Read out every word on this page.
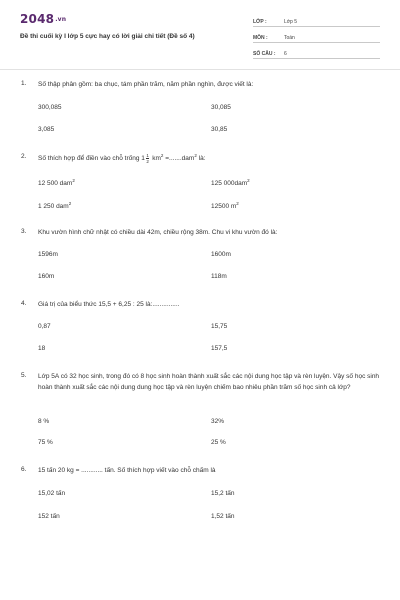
2048.vn
Đề thi cuối kỳ I lớp 5 cực hay có lời giải chi tiết (Đề số 4)
LỚP :	Lớp 5
MÔN :	Toán
SỐ CÂU : 6
1. Số thập phân gồm: ba chục, tám phần trăm, năm phần nghìn, được viết là:
300,085	30,085
3,085	30,85
2. Số thích hợp để điền vào chỗ trống $1 \frac{1}{2} km^2 =.......dam^2$ là:
12 500 dam$^2$	125 000dam$^2$
1 250 dam$^2$	12500 $m^2$
3. Khu vườn hình chữ nhật có chiều dài 42m, chiều rộng 38m. Chu vi khu vườn đó là:
1596m	1600m
160m	118m
4. Giá trị của biểu thức 15,5 + 6,25 : 25 là:...............
0,87	15,75
18	157,5
5. Lớp 5A có 32 học sinh, trong đó có 8 học sinh hoàn thành xuất sắc các nội dung học tập và rèn luyện. Vậy số học sinh hoàn thành xuất sắc các nội dung dung học tập và rèn luyện chiếm bao nhiêu phần trăm số học sinh cả lớp?
8 %	32%
75 %	25 %
6. 15 tấn 20 kg = ............ tấn. Số thích hợp viết vào chỗ chấm là
15,02 tấn	15,2 tấn
152 tấn	1,52 tấn
